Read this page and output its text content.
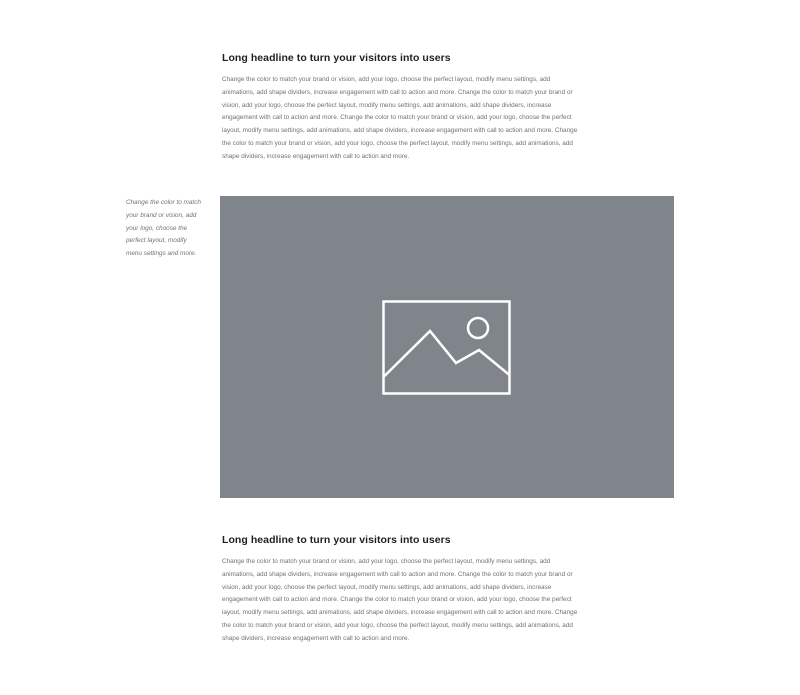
Long headline to turn your visitors into users

Change the color to match your brand or vision, add your logo, choose the perfect layout, modify menu settings, add animations, add shape dividers, increase engagement with call to action and more. Change the color to match your brand or vision, add your logo, choose the perfect layout, modify menu settings, add animations, add shape dividers, increase engagement with call to action and more. Change the color to match your brand or vision, add your logo, choose the perfect layout, modify menu settings, add animations, add shape dividers, increase engagement with call to action and more. Change the color to match your brand or vision, add your logo, choose the perfect layout, modify menu settings, add animations, add shape dividers, increase engagement with call to action and more.

Change the color to match your brand or vision, add your logo, choose the perfect layout, modify menu settings and more.

Long headline to turn your visitors into users

Change the color to match your brand or vision, add your logo, choose the perfect layout, modify menu settings, add animations, add shape dividers, increase engagement with call to action and more. Change the color to match your brand or vision, add your logo, choose the perfect layout, modify menu settings, add animations, add shape dividers, increase engagement with call to action and more. Change the color to match your brand or vision, add your logo, choose the perfect layout, modify menu settings, add animations, add shape dividers, increase engagement with call to action and more. Change the color to match your brand or vision, add your logo, choose the perfect layout, modify menu settings, add animations, add shape dividers, increase engagement with call to action and more.
